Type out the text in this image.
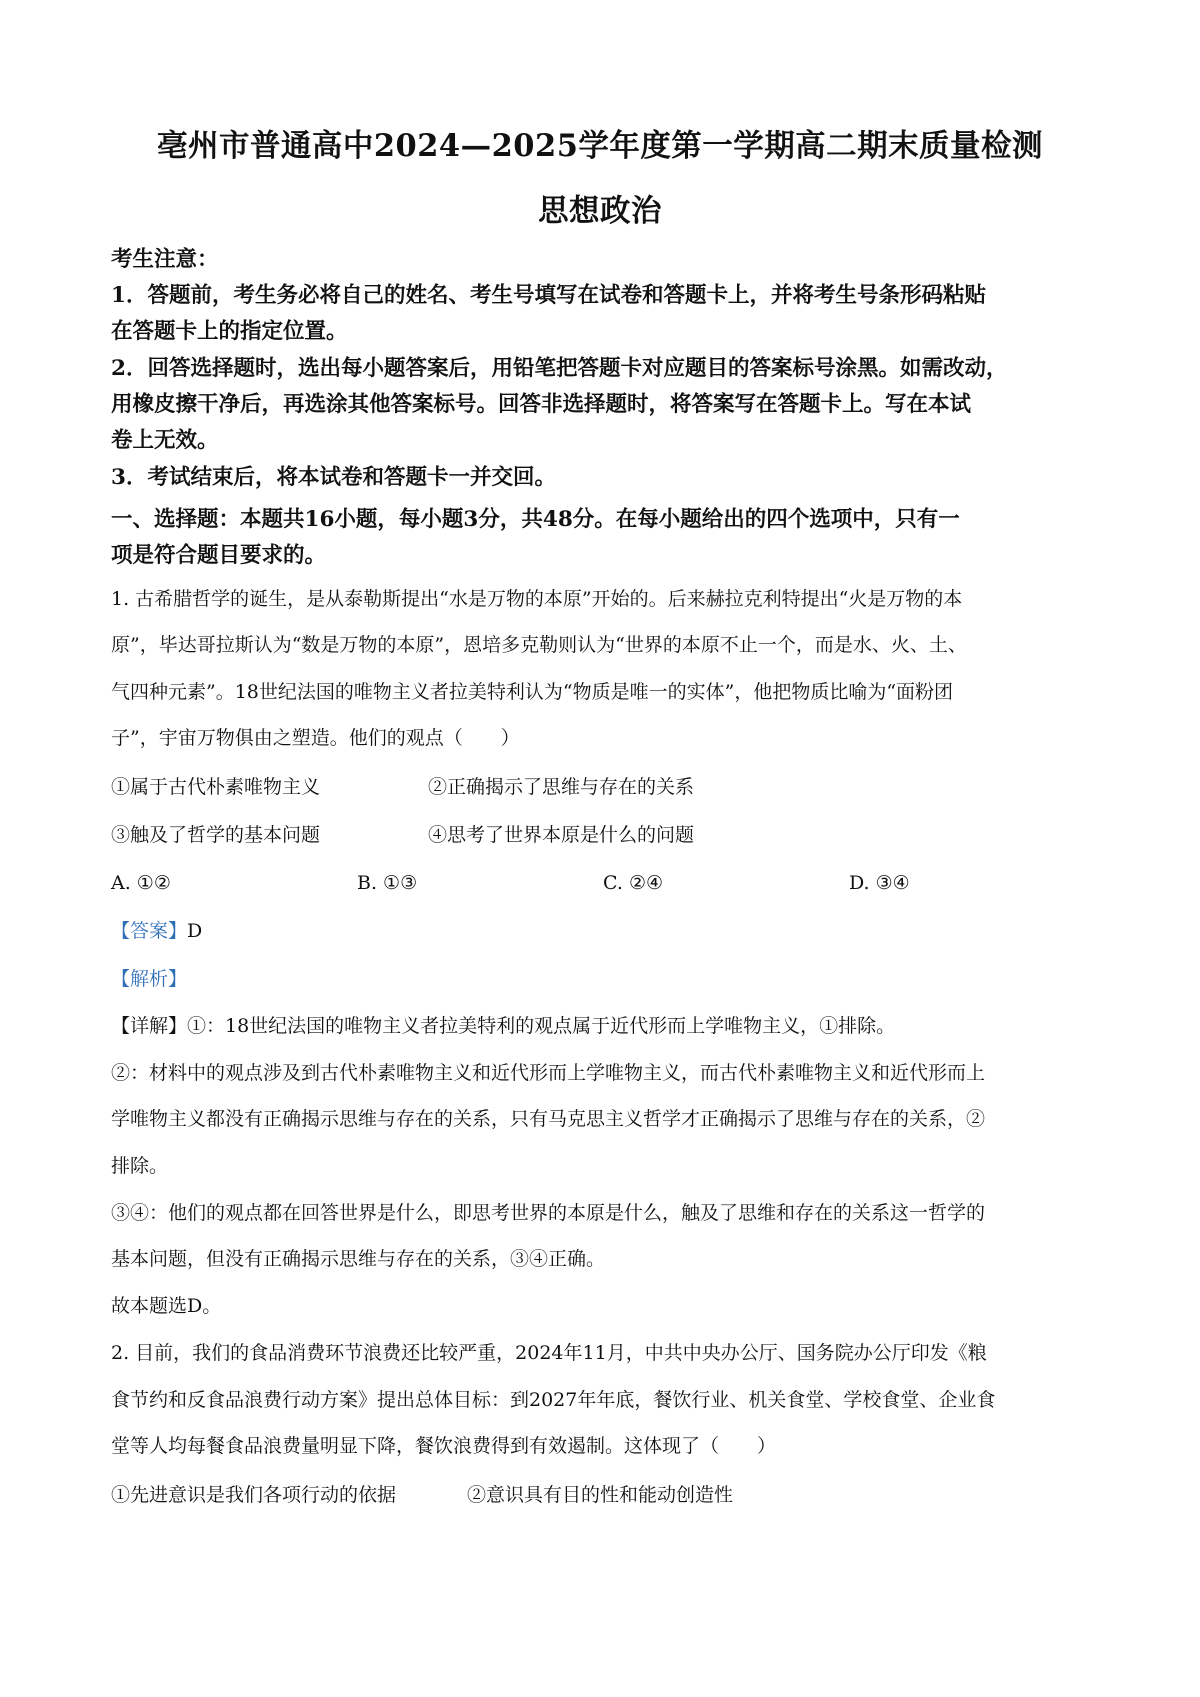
亳州市普通高中2024—2025学年度第一学期高二期末质量检测
思想政治
考生注意：
1．答题前，考生务必将自己的姓名、考生号填写在试卷和答题卡上，并将考生号条形码粘贴
在答题卡上的指定位置。
2．回答选择题时，选出每小题答案后，用铅笔把答题卡对应题目的答案标号涂黑。如需改动，
用橡皮擦干净后，再选涂其他答案标号。回答非选择题时，将答案写在答题卡上。写在本试
卷上无效。
3．考试结束后，将本试卷和答题卡一并交回。
一、选择题：本题共16小题，每小题3分，共48分。在每小题给出的四个选项中，只有一
项是符合题目要求的。
1. 古希腊哲学的诞生，是从泰勒斯提出“水是万物的本原”开始的。后来赫拉克利特提出“火是万物的本
原”，毕达哥拉斯认为“数是万物的本原”，恩培多克勒则认为“世界的本原不止一个，而是水、火、土、
气四种元素”。18世纪法国的唯物主义者拉美特利认为“物质是唯一的实体”，他把物质比喻为“面粉团
子”，宇宙万物俱由之塑造。他们的观点（　　）
①属于古代朴素唯物主义	②正确揭示了思维与存在的关系
③触及了哲学的基本问题	④思考了世界本原是什么的问题
A. ①②	B. ①③	C. ②④	D. ③④
【答案】D
【解析】
【详解】①：18世纪法国的唯物主义者拉美特利的观点属于近代形而上学唯物主义，①排除。
②：材料中的观点涉及到古代朴素唯物主义和近代形而上学唯物主义，而古代朴素唯物主义和近代形而上
学唯物主义都没有正确揭示思维与存在的关系，只有马克思主义哲学才正确揭示了思维与存在的关系，②
排除。
③④：他们的观点都在回答世界是什么，即思考世界的本原是什么，触及了思维和存在的关系这一哲学的
基本问题，但没有正确揭示思维与存在的关系，③④正确。
故本题选D。
2. 目前，我们的食品消费环节浪费还比较严重，2024年11月，中共中央办公厅、国务院办公厅印发《粮
食节约和反食品浪费行动方案》提出总体目标：到2027年年底，餐饮行业、机关食堂、学校食堂、企业食
堂等人均每餐食品浪费量明显下降，餐饮浪费得到有效遏制。这体现了（　　）
①先进意识是我们各项行动的依据	②意识具有目的性和能动创造性
